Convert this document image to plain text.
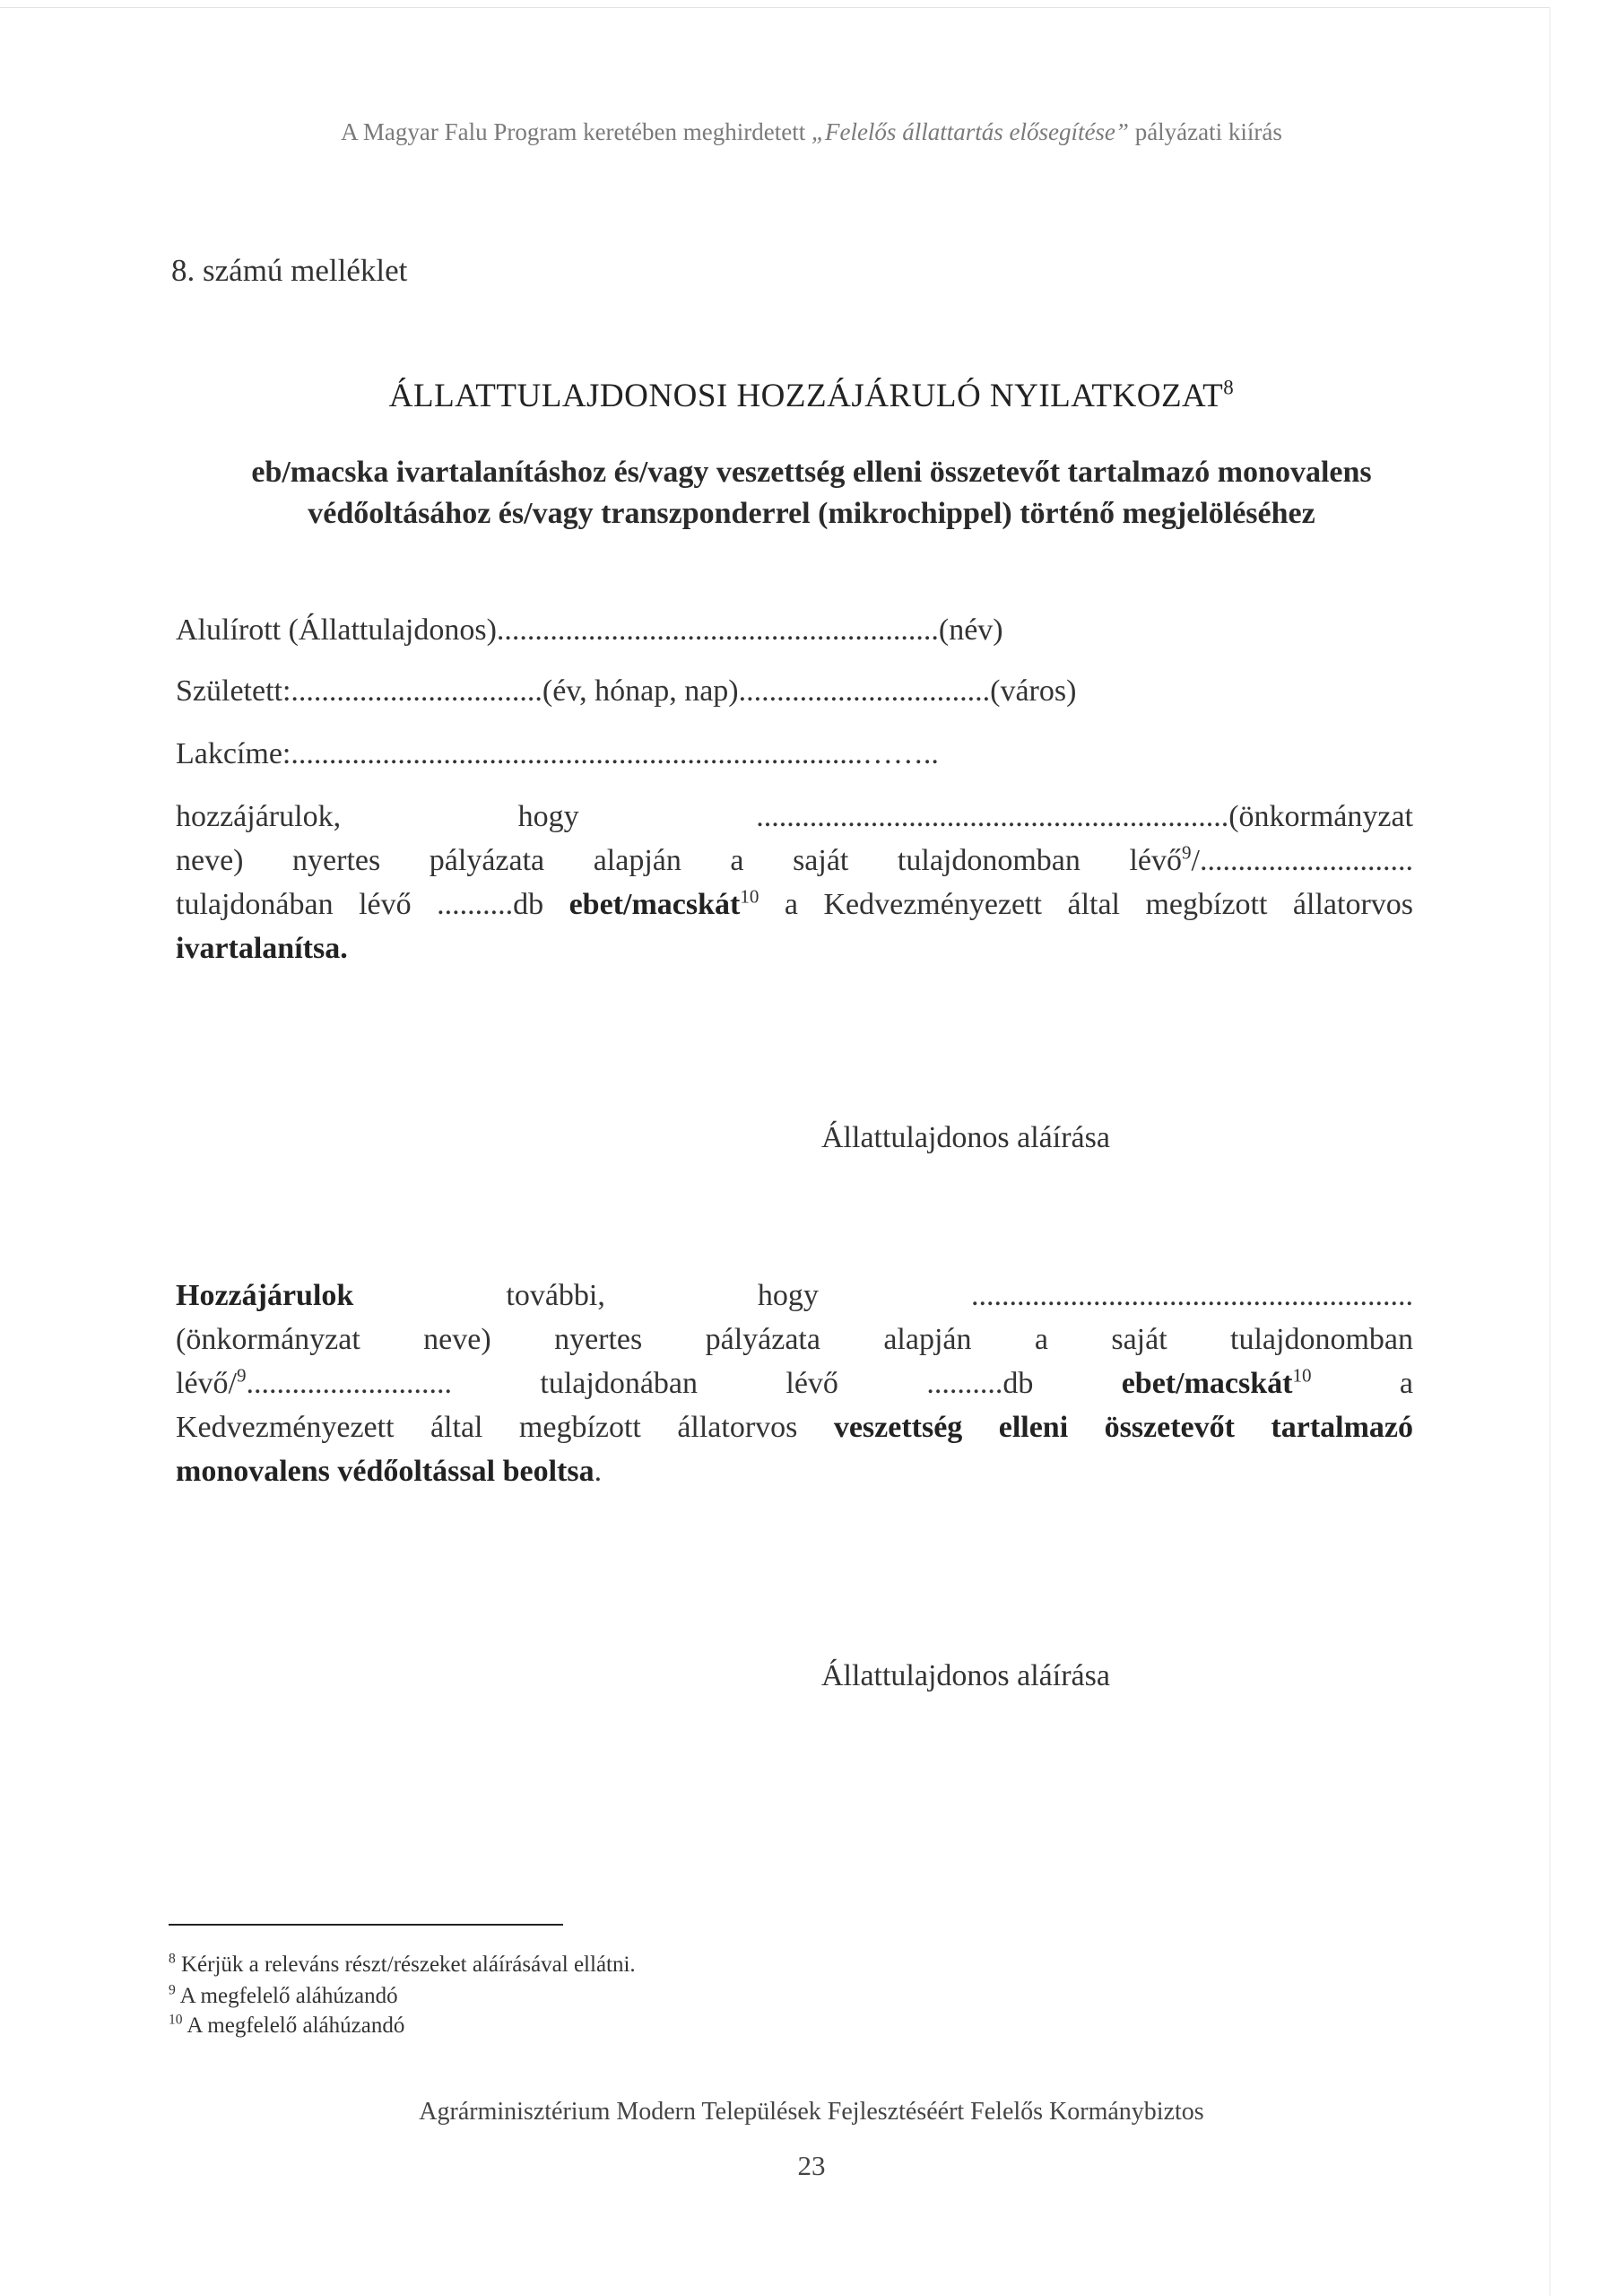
A Magyar Falu Program keretében meghirdetett „Felelős állattartás elősegítése” pályázati kiírás
8. számú melléklet
ÁLLATTULAJDONOSI HOZZÁJÁRULÓ NYILATKOZAT$^8$
eb/macska ivartalanításhoz és/vagy veszettség elleni összetevőt tartalmazó monovalens
védőoltásához és/vagy transzponderrel (mikrochippel) történő megjelöléséhez
Alulírott (Állattulajdonos)..........................................................(név)
Született:.................................(év, hónap, nap).................................(város)
Lakcíme:...........................................................................……..
hozzájárulok, hogy ..............................................................(önkormányzat
neve) nyertes pályázata alapján a saját tulajdonomban lévő$^9$/............................
tulajdonában lévő ..........db ebet/macskát$^{10}$ a Kedvezményezett által megbízott állatorvos
ivartalanítsa.
Állattulajdonos aláírása
Hozzájárulok további, hogy ..........................................................
(önkormányzat neve) nyertes pályázata alapján a saját tulajdonomban
lévő/$^9$........................... tulajdonában lévő ..........db ebet/macskát$^{10}$ a
Kedvezményezett által megbízott állatorvos veszettség elleni összetevőt tartalmazó
monovalens védőoltással beoltsa.
Állattulajdonos aláírása
$^8$ Kérjük a releváns részt/részeket aláírásával ellátni.
$^9$ A megfelelő aláhúzandó
$^{10}$ A megfelelő aláhúzandó
Agrárminisztérium Modern Települések Fejlesztéséért Felelős Kormánybiztos
23
